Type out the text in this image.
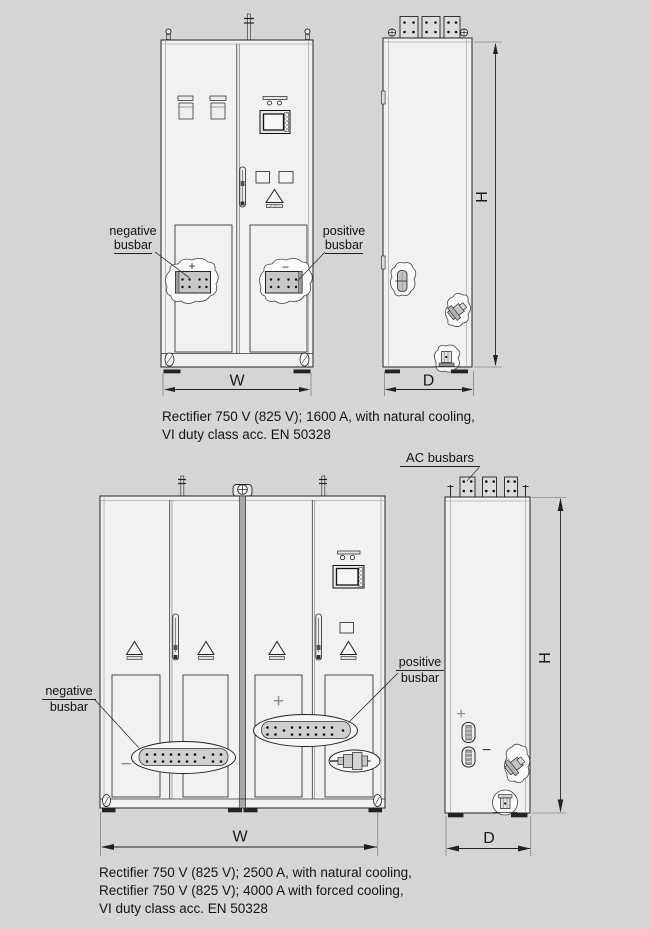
+	−
W
H
D
−
+
W
+
−
H
D
negative
busbar
positive
busbar
Rectifier 750 V (825 V); 1600 A, with natural cooling,
VI duty class acc. EN 50328
AC busbars
negative
busbar
positive
busbar
Rectifier 750 V (825 V); 2500 A, with natural cooling,
Rectifier 750 V (825 V); 4000 A with forced cooling,
VI duty class acc. EN 50328
